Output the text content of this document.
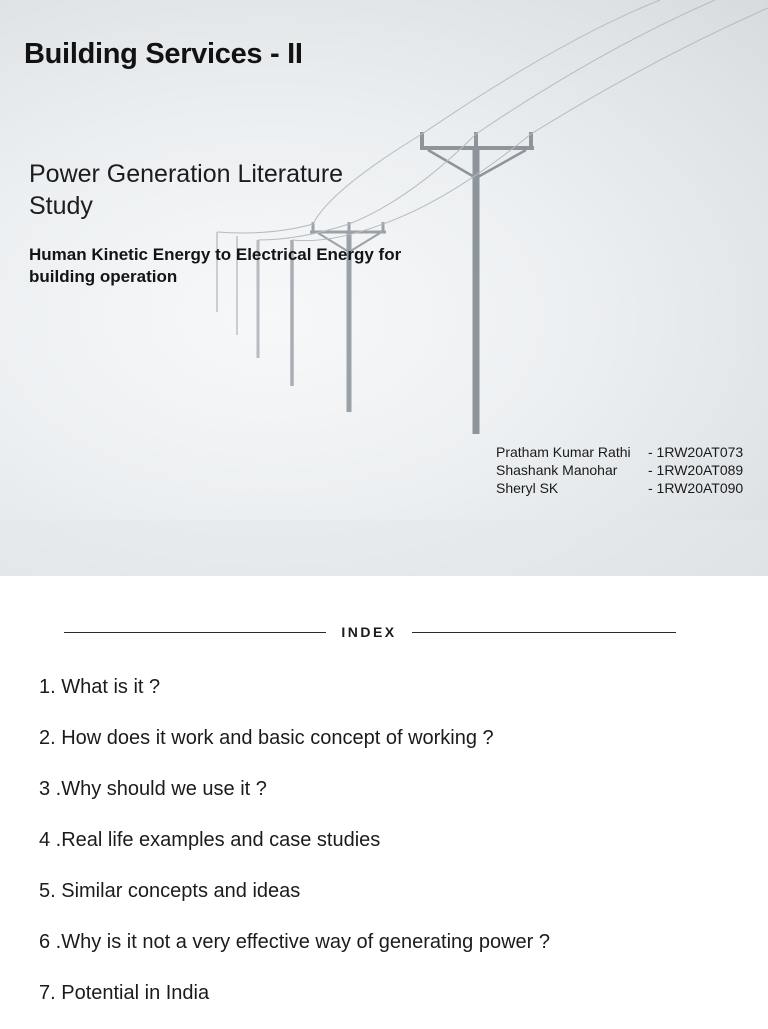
Building Services - II
Power Generation Literature Study

Human Kinetic Energy to Electrical Energy for building operation

Pratham Kumar Rathi	- 1RW20AT073
Shashank Manohar	- 1RW20AT089
Sheryl SK	- 1RW20AT090
INDEX
1. What is it ?
2. How does it work and basic concept of working ?
3 .Why should we use it ?
4 .Real life examples and case studies
5. Similar concepts and ideas
6 .Why is it not a very effective way of generating power ?
7. Potential in India
